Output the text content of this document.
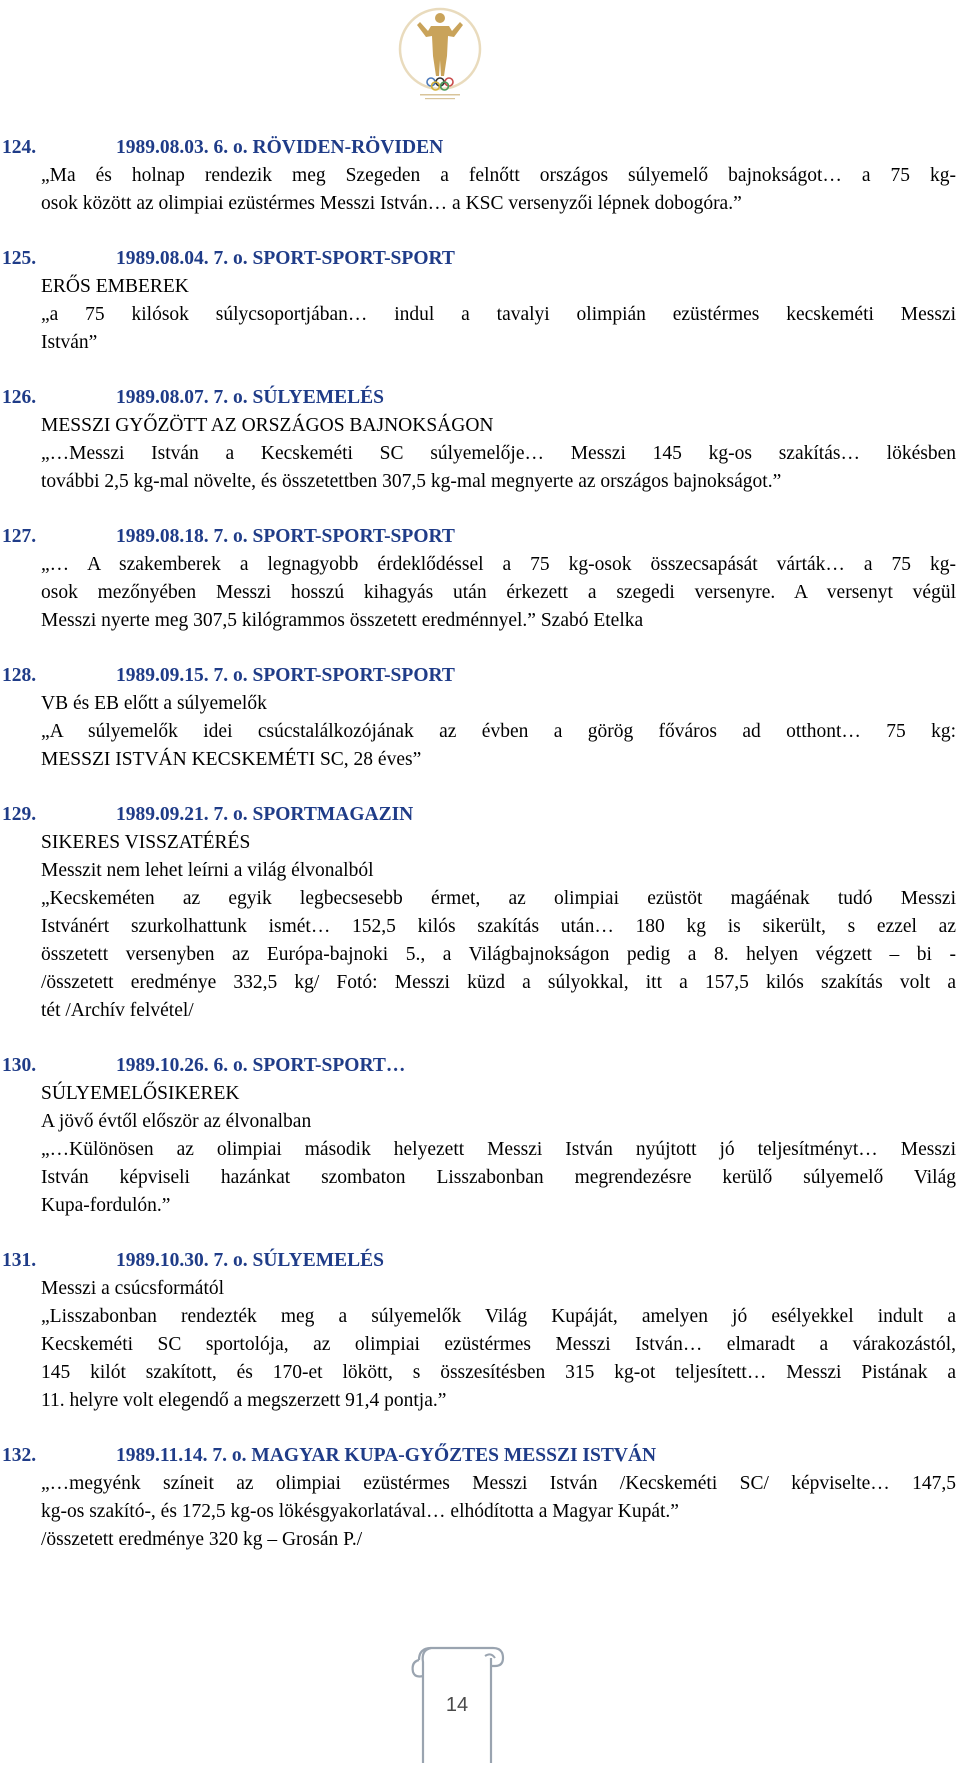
124.	1989.08.03. 6. o. RÖVIDEN-RÖVIDEN
„Ma és holnap rendezik meg Szegeden a felnőtt országos súlyemelő bajnokságot… a 75 kg-
osok között az olimpiai ezüstérmes Messzi István… a KSC versenyzői lépnek dobogóra.”
125.	1989.08.04. 7. o. SPORT-SPORT-SPORT
ERŐS EMBEREK
„a 75 kilósok súlycsoportjában… indul a tavalyi olimpián ezüstérmes kecskeméti Messzi
István”
126.	1989.08.07. 7. o. SÚLYEMELÉS
MESSZI GYŐZÖTT AZ ORSZÁGOS BAJNOKSÁGON
„…Messzi István a Kecskeméti SC súlyemelője… Messzi 145 kg-os szakítás… lökésben
további 2,5 kg-mal növelte, és összetettben 307,5 kg-mal megnyerte az országos bajnokságot.”
127.	1989.08.18. 7. o. SPORT-SPORT-SPORT
„… A szakemberek a legnagyobb érdeklődéssel a 75 kg-osok összecsapását várták… a 75 kg-
osok mezőnyében Messzi hosszú kihagyás után érkezett a szegedi versenyre. A versenyt végül
Messzi nyerte meg 307,5 kilógrammos összetett eredménnyel.” Szabó Etelka
128.	1989.09.15. 7. o. SPORT-SPORT-SPORT
VB és EB előtt a súlyemelők
„A súlyemelők idei csúcstalálkozójának az évben a görög főváros ad otthont… 75 kg:
MESSZI ISTVÁN KECSKEMÉTI SC, 28 éves”
129.	1989.09.21. 7. o. SPORTMAGAZIN
SIKERES VISSZATÉRÉS
Messzit nem lehet leírni a világ élvonalból
„Kecskeméten az egyik legbecsesebb érmet, az olimpiai ezüstöt magáénak tudó Messzi
Istvánért szurkolhattunk ismét… 152,5 kilós szakítás után… 180 kg is sikerült, s ezzel az
összetett versenyben az Európa-bajnoki 5., a Világbajnokságon pedig a 8. helyen végzett – bi -
/összetett eredménye 332,5 kg/ Fotó: Messzi küzd a súlyokkal, itt a 157,5 kilós szakítás volt a
tét /Archív felvétel/
130.	1989.10.26. 6. o. SPORT-SPORT…
SÚLYEMELŐSIKEREK
A jövő évtől először az élvonalban
„…Különösen az olimpiai második helyezett Messzi István nyújtott jó teljesítményt… Messzi
István képviseli hazánkat szombaton Lisszabonban megrendezésre kerülő súlyemelő Világ
Kupa-fordulón.”
131.	1989.10.30. 7. o. SÚLYEMELÉS
Messzi a csúcsformától
„Lisszabonban rendezték meg a súlyemelők Világ Kupáját, amelyen jó esélyekkel indult a
Kecskeméti SC sportolója, az olimpiai ezüstérmes Messzi István… elmaradt a várakozástól,
145 kilót szakított, és 170-et lökött, s összesítésben 315 kg-ot teljesített… Messzi Pistának a
11. helyre volt elegendő a megszerzett 91,4 pontja.”
132.	1989.11.14. 7. o. MAGYAR KUPA-GYŐZTES MESSZI ISTVÁN
„…megyénk színeit az olimpiai ezüstérmes Messzi István /Kecskeméti SC/ képviselte… 147,5
kg-os szakító-, és 172,5 kg-os lökésgyakorlatával… elhódította a Magyar Kupát.”
/összetett eredménye 320 kg – Grosán P./
14
